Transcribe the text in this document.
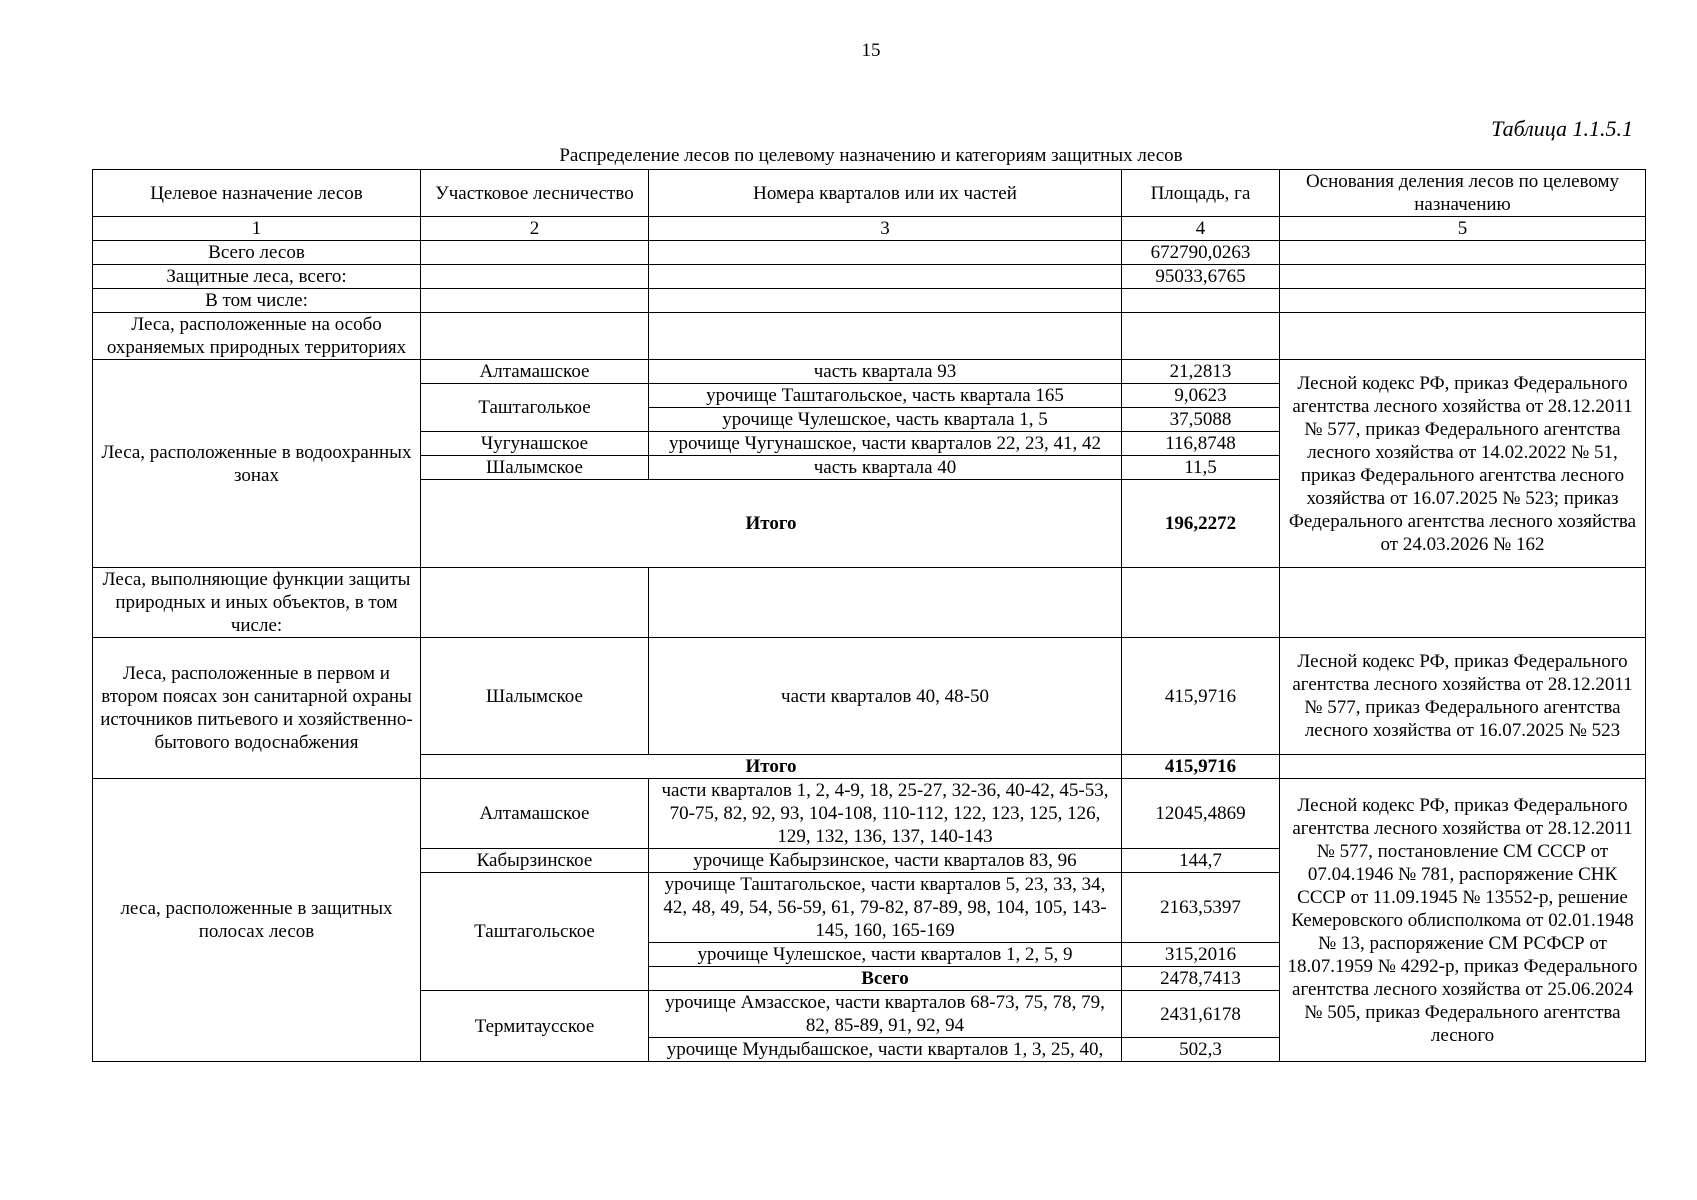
15
Таблица 1.1.5.1
Распределение лесов по целевому назначению и категориям защитных лесов
Целевое назначение лесов	Участковое лесничество	Номера кварталов или их частей	Площадь, га	Основания деления лесов по целевому назначению
1	2	3	4	5
Всего лесов			672790,0263	
Защитные леса, всего:			95033,6765	
В том числе:				
Леса, расположенные на особо охраняемых природных территориях				
Леса, расположенные в водоохранных зонах	Алтамашское	часть квартала 93	21,2813	Лесной кодекс РФ, приказ Федерального агентства лесного хозяйства от 28.12.2011 № 577, приказ Федерального агентства лесного хозяйства от 14.02.2022 № 51, приказ Федерального агентства лесного хозяйства от 16.07.2025 № 523; приказ Федерального агентства лесного хозяйства от 24.03.2026 № 162
	Таштаголькое	урочище Таштагольское, часть квартала 165	9,0623	
		урочище Чулешское, часть квартала 1, 5	37,5088	
	Чугунашское	урочище Чугунашское, части кварталов 22, 23, 41, 42	116,8748	
	Шалымское	часть квартала 40	11,5	
	Итого		196,2272	
Леса, выполняющие функции защиты природных и иных объектов, в том числе:				
Леса, расположенные в первом и втором поясах зон санитарной охраны источников питьевого и хозяйственно-бытового водоснабжения	Шалымское	части кварталов 40, 48-50	415,9716	Лесной кодекс РФ, приказ Федерального агентства лесного хозяйства от 28.12.2011 № 577, приказ Федерального агентства лесного хозяйства от 16.07.2025 № 523
	Итого		415,9716	
леса, расположенные в защитных полосах лесов	Алтамашское	части кварталов 1, 2, 4-9, 18, 25-27, 32-36, 40-42, 45-53, 70-75, 82, 92, 93, 104-108, 110-112, 122, 123, 125, 126, 129, 132, 136, 137, 140-143	12045,4869	Лесной кодекс РФ, приказ Федерального агентства лесного хозяйства от 28.12.2011 № 577, постановление СМ СССР от 07.04.1946 № 781, распоряжение СНК СССР от 11.09.1945 № 13552-р, решение Кемеровского облисполкома от 02.01.1948 № 13, распоряжение СМ РСФСР от 18.07.1959 № 4292-р, приказ Федерального агентства лесного хозяйства от 25.06.2024 № 505, приказ Федерального агентства лесного
	Кабырзинское	урочище Кабырзинское, части кварталов 83, 96	144,7	
	Таштагольское	урочище Таштагольское, части кварталов 5, 23, 33, 34, 42, 48, 49, 54, 56-59, 61, 79-82, 87-89, 98, 104, 105, 143-145, 160, 165-169	2163,5397	
		урочище Чулешское, части кварталов 1, 2, 5, 9	315,2016	
		Всего	2478,7413	
	Термитаусское	урочище Амзасское, части кварталов 68-73, 75, 78, 79, 82, 85-89, 91, 92, 94	2431,6178	
		урочище Мундыбашское, части кварталов 1, 3, 25, 40,	502,3	
